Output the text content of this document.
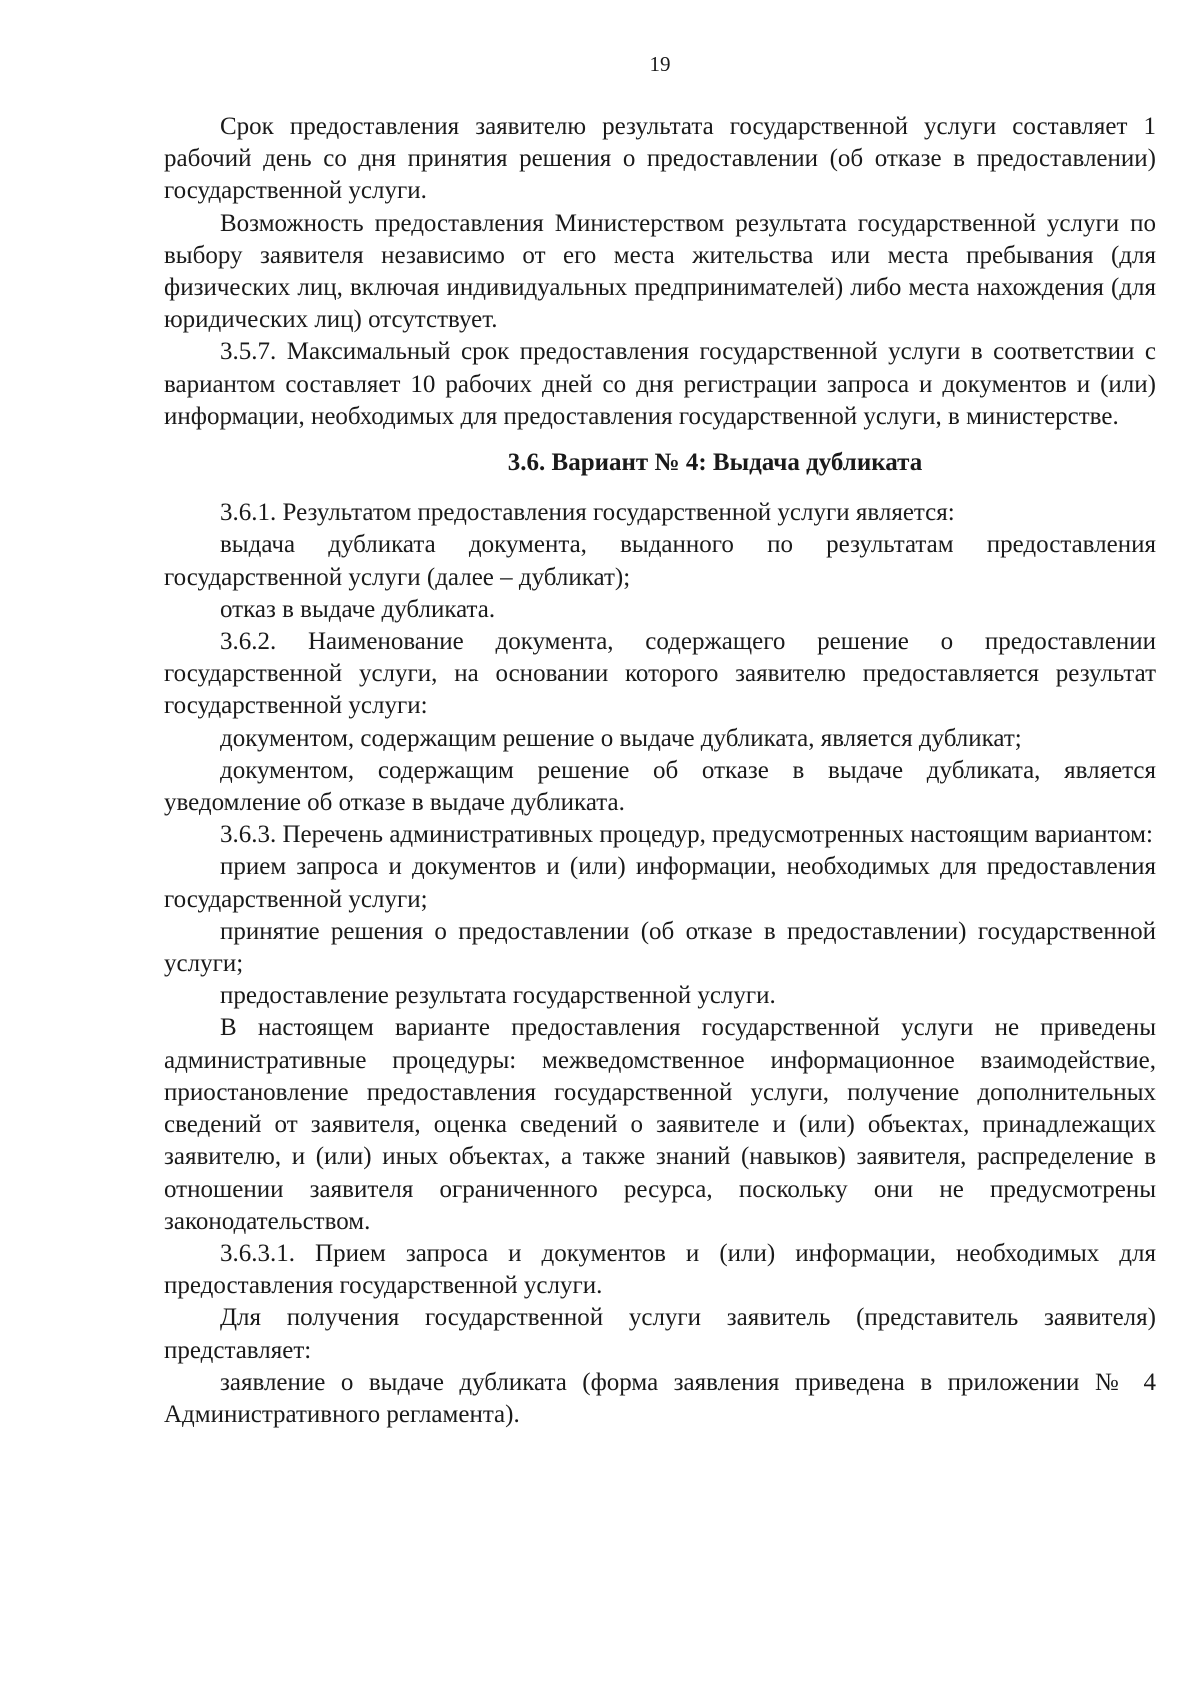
19

Срок предоставления заявителю результата государственной услуги составляет 1 рабочий день со дня принятия решения о предоставлении (об отказе в предоставлении) государственной услуги.

Возможность предоставления Министерством результата государственной услуги по выбору заявителя независимо от его места жительства или места пребывания (для физических лиц, включая индивидуальных предпринимателей) либо места нахождения (для юридических лиц) отсутствует.

3.5.7. Максимальный срок предоставления государственной услуги в соответствии с вариантом составляет 10 рабочих дней со дня регистрации запроса и документов и (или) информации, необходимых для предоставления государственной услуги, в министерстве.

3.6. Вариант № 4: Выдача дубликата

3.6.1. Результатом предоставления государственной услуги является:

выдача дубликата документа, выданного по результатам предоставления государственной услуги (далее – дубликат);

отказ в выдаче дубликата.

3.6.2. Наименование документа, содержащего решение о предоставлении государственной услуги, на основании которого заявителю предоставляется результат государственной услуги:

документом, содержащим решение о выдаче дубликата, является дубликат;

документом, содержащим решение об отказе в выдаче дубликата, является уведомление об отказе в выдаче дубликата.

3.6.3. Перечень административных процедур, предусмотренных настоящим вариантом:

прием запроса и документов и (или) информации, необходимых для предоставления государственной услуги;

принятие решения о предоставлении (об отказе в предоставлении) государственной услуги;

предоставление результата государственной услуги.

В настоящем варианте предоставления государственной услуги не приведены административные процедуры: межведомственное информационное взаимодействие, приостановление предоставления государственной услуги, получение дополнительных сведений от заявителя, оценка сведений о заявителе и (или) объектах, принадлежащих заявителю, и (или) иных объектах, а также знаний (навыков) заявителя, распределение в отношении заявителя ограниченного ресурса, поскольку они не предусмотрены законодательством.

3.6.3.1. Прием запроса и документов и (или) информации, необходимых для предоставления государственной услуги.

Для получения государственной услуги заявитель (представитель заявителя) представляет:

заявление о выдаче дубликата (форма заявления приведена в приложении № 4 Административного регламента).
